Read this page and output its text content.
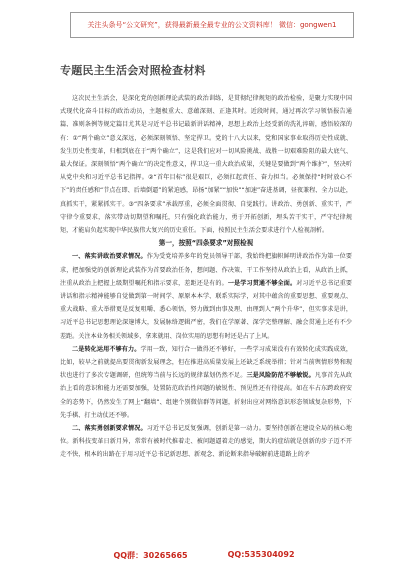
关注头条号“公文研究”，获得最新最全最专业的公文资料库！ 微信：gongwen1
专题民主生活会对照检查材料

这次民主生活会，是深化党的创新理论武装的政治训练，是贯彻纪律规矩的政治检验，是聚力实现中国式现代化奋斗目标的政治动员，主题极重大、意蕴深刻、正逢其时。近段时间，通过再次学习领悟报告通篇、准则条例等规定篇目尤其是习近平总书记最新讲话精神，思想上政治上经受新的洗礼淬砺，感悟较深的有：①“两个确立”意义深远，必须深刻领悟、坚定捍卫。党的十八大以来，党和国家事业取得历史性成就、发生历史性变革，归根到底在于“两个确立”，这是我们应对一切风险挑战、战胜一切艰难险阻的最大底气、最大保证。深刻领悟“两个确立”的决定性意义，捍卫这一重大政治成果，关键是要做到“两个维护”，坚决听从党中央和习近平总书记指挥。②“首年目标”很是艰巨，必须扛起责任、奋力担当。必须保持“时时放心不下”的责任感和“节点在即、后墙倒逼”的紧迫感，昂扬“加紧”“加快”“加速”奋进基调，昼夜兼程、全力以赴，真抓实干，紧紧抓实干。③“四条要求”承载厚重，必须全面贯彻、自觉践行。讲政治、勇创新、重实干，严守律令重要求，落实带动切期望和嘱托，只有强化政治能力，勇于开拓创新，埋头苦干实干，严守纪律规矩，才能肩负起实现中华民族伟大复兴的历史重任。下面，按照民主生活会要求进行个人检视剖析。

第一，按照“四条要求”对照检视

一、落实讲政治要求情况。作为受党培养多年的党员领导干部，我始终把旗帜鲜明讲政治作为第一位要求，把加强党的创新理论武装作为首要政治任务，想问题、作决策、干工作坚持从政治上看，从政治上抓，注重从政治上把握上级期望嘱托和指示要求，差距还是有的。一是学习贯通不够全面。对习近平总书记重要讲话和指示精神能够自觉做到第一时间学、原原本本学、联系实际学，对其中蕴含的重要思想、重要观点、重大战略、重大举措更是反复咀嚼、悉心领悟，努力做到由事及理、由理到人“两个升华”，但实事求是讲，习近平总书记思想理论深邃博大，发展脉络逻辑严密，我们在学原著、深学完整理解、融会贯通上还有不少差距。关注本业务相关领域多，拿来就用、岗位实用的思想有时还是占了上风。

二是转化运用不够有力。学用一致，知行合一做得还不够好，一些学习成果没有有效转化成实践成效，比如，较早之前就提出要贯彻新发展理念，但在推进高质量发展上还缺乏系统举措；针对当前舆情形势和现状也进行了多次专题调研，但统筹当前与长远的规律谋划仍然不足。三是风险防范不够敏锐。凡事首先从政治上看的意识和能力还需要加强，处置防范政治性问题的敏锐性、预见性还有待提高。如在车占东跨政府安全的态势下，仍然发生了网上“翻墙”、组建个别微信群等问题，折射出应对网络意识形态领域复杂形势，下先手棋、打主动仗还不够。

二、落实勇创新要求情况。习近平总书记反复强调，创新是第一动力。要坚持创新在建设全局的核心地位。新科技变革日新月异，常常有被时代推着走、被问题逼着走的感觉，期大的症结就是创新的步子迈不开走不快，根本的出路在于用习近平总书记新思想、新观念、新论断来指导破解前进道路上的矛

QQ群：30265665	QQ:535304092
